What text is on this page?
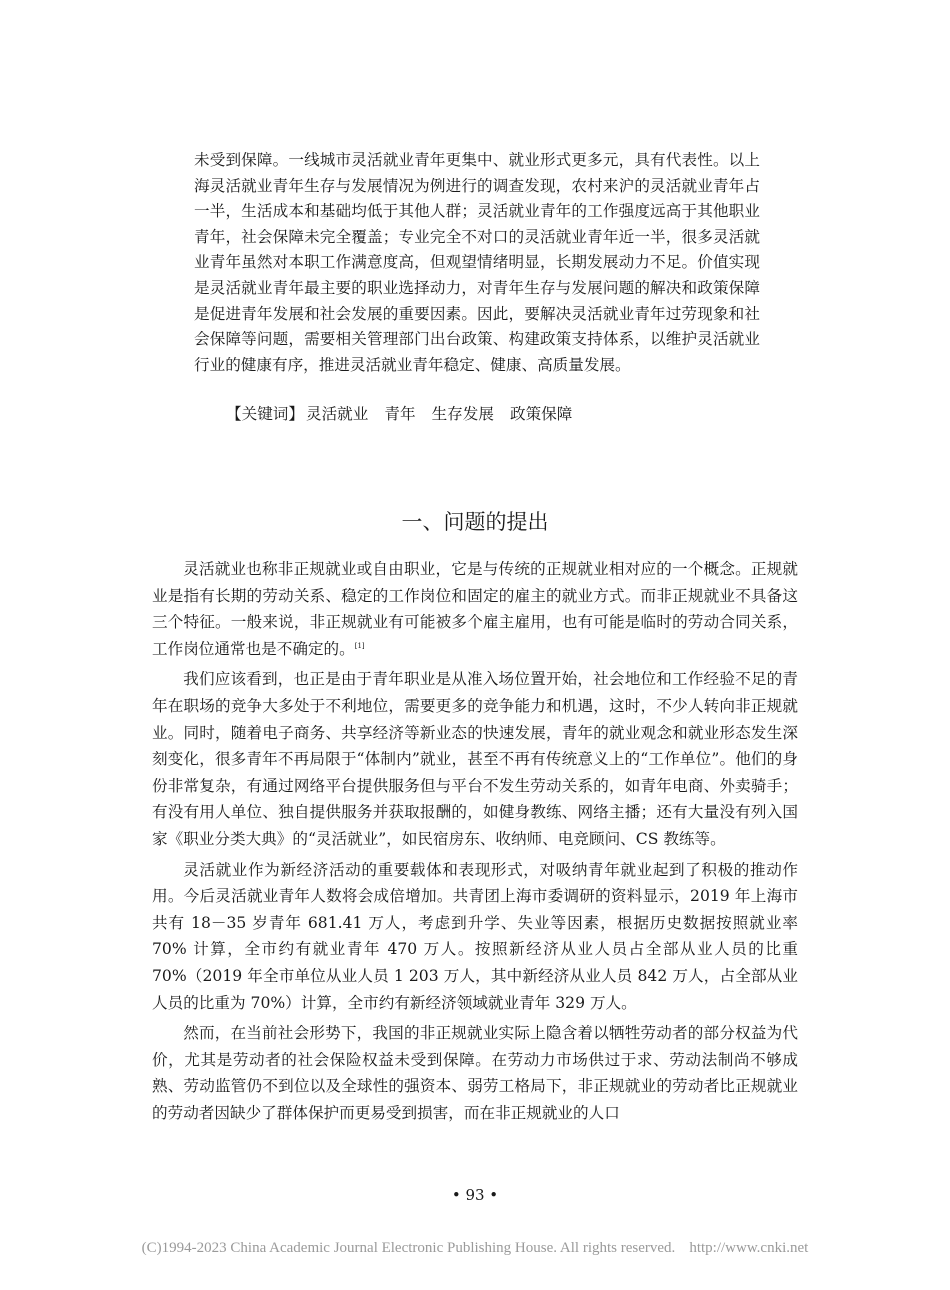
未受到保障。一线城市灵活就业青年更集中、就业形式更多元，具有代表性。以上海灵活就业青年生存与发展情况为例进行的调查发现，农村来沪的灵活就业青年占一半，生活成本和基础均低于其他人群；灵活就业青年的工作强度远高于其他职业青年，社会保障未完全覆盖；专业完全不对口的灵活就业青年近一半，很多灵活就业青年虽然对本职工作满意度高，但观望情绪明显，长期发展动力不足。价值实现是灵活就业青年最主要的职业选择动力，对青年生存与发展问题的解决和政策保障是促进青年发展和社会发展的重要因素。因此，要解决灵活就业青年过劳现象和社会保障等问题，需要相关管理部门出台政策、构建政策支持体系，以维护灵活就业行业的健康有序，推进灵活就业青年稳定、健康、高质量发展。

【关键词】 灵活就业 青年 生存发展 政策保障
一、问题的提出

灵活就业也称非正规就业或自由职业，它是与传统的正规就业相对应的一个概念。正规就业是指有长期的劳动关系、稳定的工作岗位和固定的雇主的就业方式。而非正规就业不具备这三个特征。一般来说，非正规就业有可能被多个雇主雇用，也有可能是临时的劳动合同关系，工作岗位通常也是不确定的。[1]

我们应该看到，也正是由于青年职业是从准入场位置开始，社会地位和工作经验不足的青年在职场的竞争大多处于不利地位，需要更多的竞争能力和机遇，这时，不少人转向非正规就业。同时，随着电子商务、共享经济等新业态的快速发展，青年的就业观念和就业形态发生深刻变化，很多青年不再局限于“体制内”就业，甚至不再有传统意义上的“工作单位”。他们的身份非常复杂，有通过网络平台提供服务但与平台不发生劳动关系的，如青年电商、外卖骑手；有没有用人单位、独自提供服务并获取报酬的，如健身教练、网络主播；还有大量没有列入国家《职业分类大典》的“灵活就业”，如民宿房东、收纳师、电竞顾问、CS 教练等。

灵活就业作为新经济活动的重要载体和表现形式，对吸纳青年就业起到了积极的推动作用。今后灵活就业青年人数将会成倍增加。共青团上海市委调研的资料显示，2019 年上海市共有 18－35 岁青年 681.41 万人，考虑到升学、失业等因素，根据历史数据按照就业率 70% 计算，全市约有就业青年 470 万人。按照新经济从业人员占全部从业人员的比重 70%（2019 年全市单位从业人员 1 203 万人，其中新经济从业人员 842 万人，占全部从业人员的比重为 70%）计算，全市约有新经济领域就业青年 329 万人。

然而，在当前社会形势下，我国的非正规就业实际上隐含着以牺牲劳动者的部分权益为代价，尤其是劳动者的社会保险权益未受到保障。在劳动力市场供过于求、劳动法制尚不够成熟、劳动监管仍不到位以及全球性的强资本、弱劳工格局下，非正规就业的劳动者比正规就业的劳动者因缺少了群体保护而更易受到损害，而在非正规就业的人口

• 93 •
(C)1994-2023 China Academic Journal Electronic Publishing House. All rights reserved. http://www.cnki.net
